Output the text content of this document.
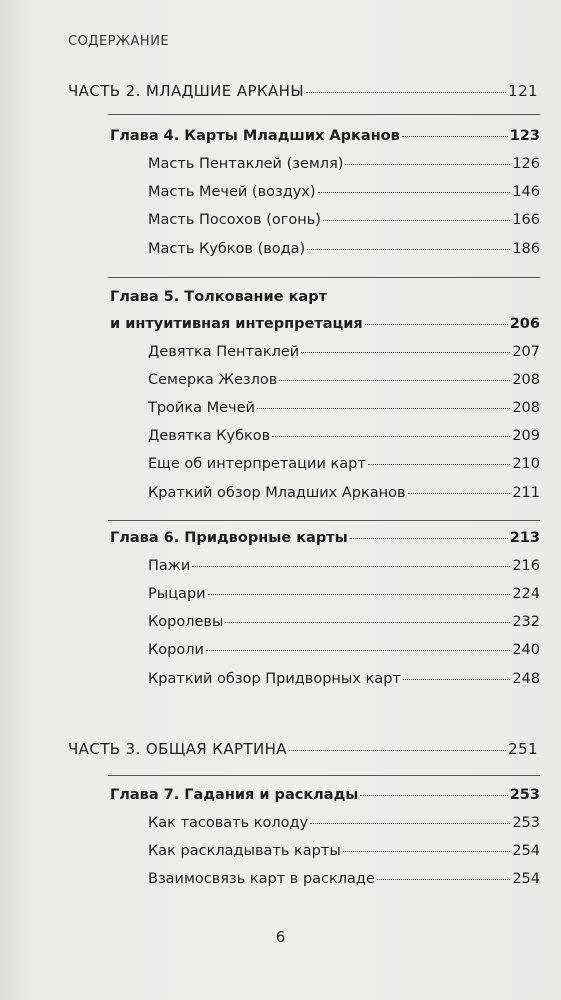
СОДЕРЖАНИЕ
ЧАСТЬ 2. МЛАДШИЕ АРКАНЫ	121
Глава 4. Карты Младших Арканов	123
Масть Пентаклей (земля)	126
Масть Мечей (воздух)	146
Масть Посохов (огонь)	166
Масть Кубков (вода)	186
Глава 5. Толкование карт
и интуитивная интерпретация	206
Девятка Пентаклей	207
Семерка Жезлов	208
Тройка Мечей	208
Девятка Кубков	209
Еще об интерпретации карт	210
Краткий обзор Младших Арканов	211
Глава 6. Придворные карты	213
Пажи	216
Рыцари	224
Королевы	232
Короли	240
Краткий обзор Придворных карт	248
ЧАСТЬ 3. ОБЩАЯ КАРТИНА	251
Глава 7. Гадания и расклады	253
Как тасовать колоду	253
Как раскладывать карты	254
Взаимосвязь карт в раскладе	254
6
